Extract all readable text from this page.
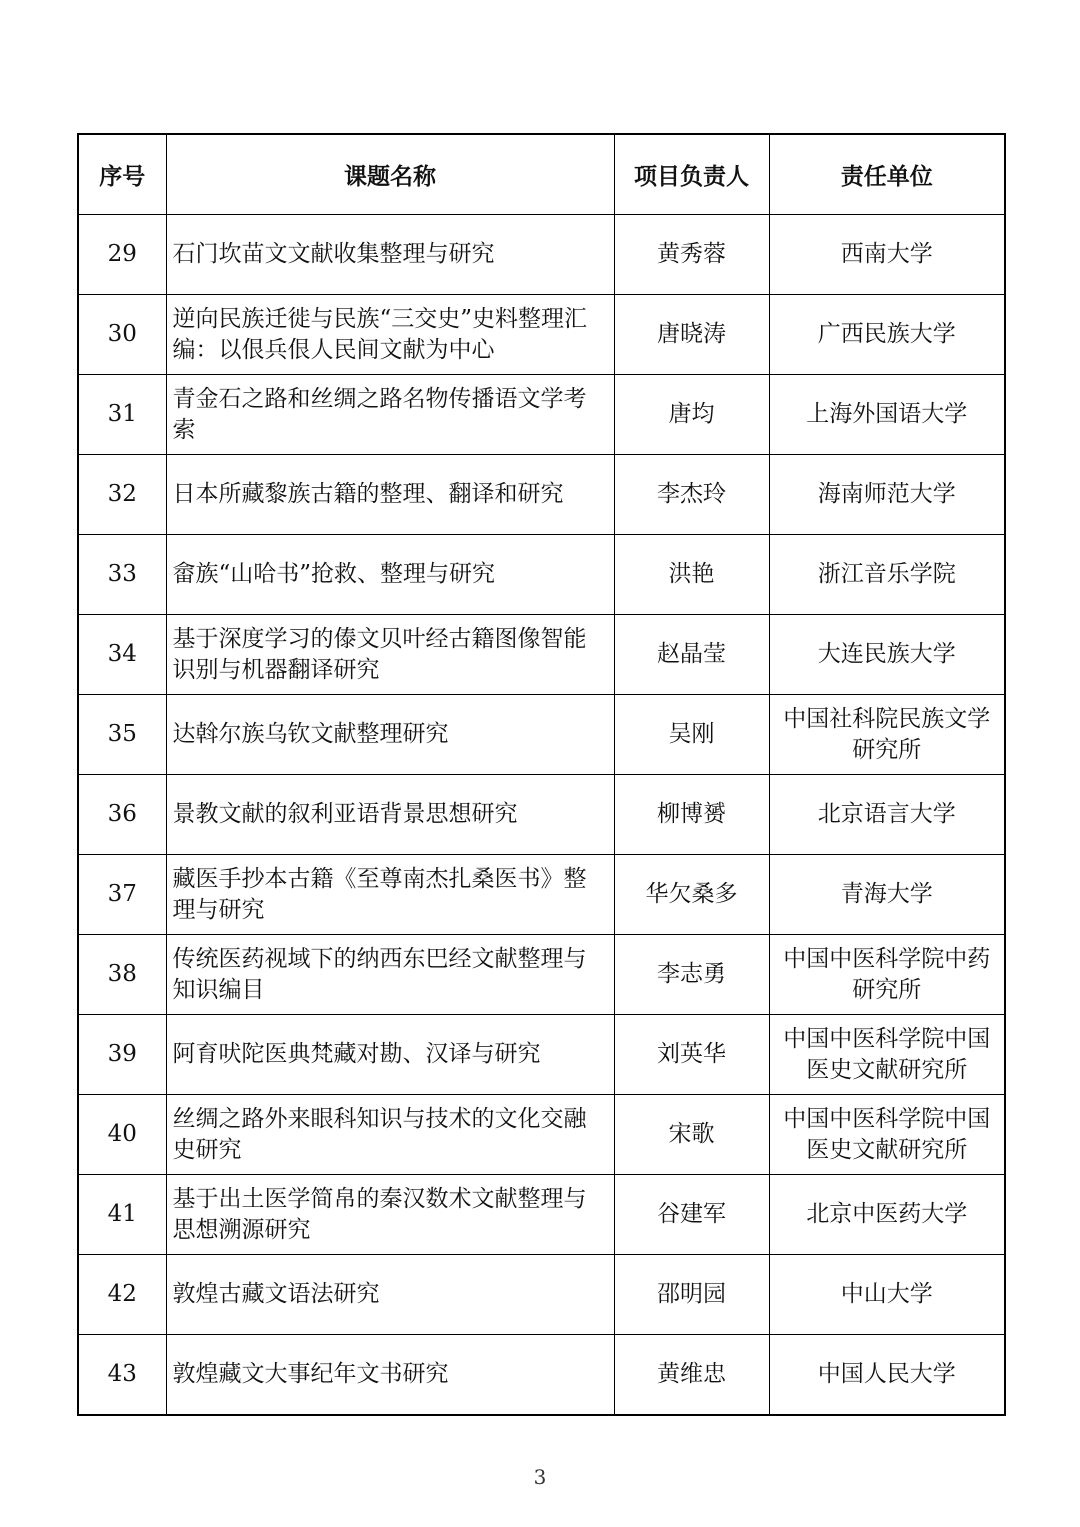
序号	课题名称	项目负责人	责任单位
29	石门坎苗文文献收集整理与研究	黄秀蓉	西南大学
30	逆向民族迁徙与民族“三交史”史料整理汇编：以佷兵佷人民间文献为中心	唐晓涛	广西民族大学
31	青金石之路和丝绸之路名物传播语文学考索	唐均	上海外国语大学
32	日本所藏黎族古籍的整理、翻译和研究	李杰玲	海南师范大学
33	畲族“山哈书”抢救、整理与研究	洪艳	浙江音乐学院
34	基于深度学习的傣文贝叶经古籍图像智能识别与机器翻译研究	赵晶莹	大连民族大学
35	达斡尔族乌钦文献整理研究	吴刚	中国社科院民族文学研究所
36	景教文献的叙利亚语背景思想研究	柳博赟	北京语言大学
37	藏医手抄本古籍《至尊南杰扎桑医书》整理与研究	华欠桑多	青海大学
38	传统医药视域下的纳西东巴经文献整理与知识编目	李志勇	中国中医科学院中药研究所
39	阿育吠陀医典梵藏对勘、汉译与研究	刘英华	中国中医科学院中国医史文献研究所
40	丝绸之路外来眼科知识与技术的文化交融史研究	宋歌	中国中医科学院中国医史文献研究所
41	基于出土医学简帛的秦汉数术文献整理与思想溯源研究	谷建军	北京中医药大学
42	敦煌古藏文语法研究	邵明园	中山大学
43	敦煌藏文大事纪年文书研究	黄维忠	中国人民大学
3
